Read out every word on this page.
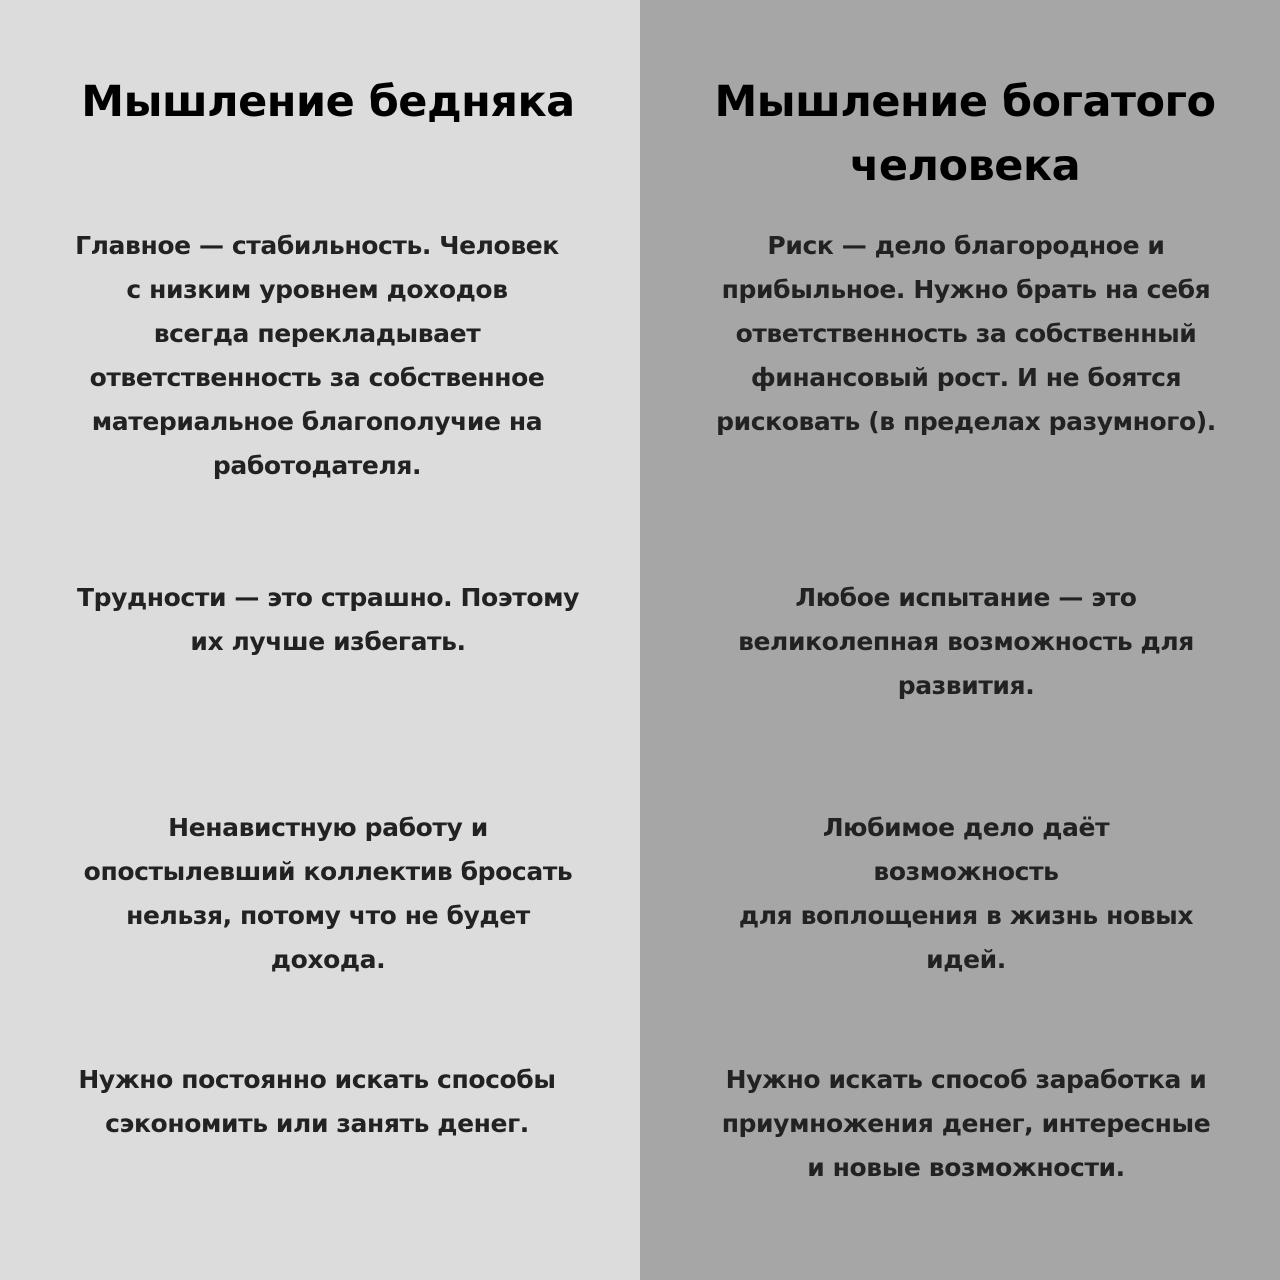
Мышление бедняка

Главное — стабильность. Человек
с низким уровнем доходов
всегда перекладывает
ответственность за собственное
материальное благополучие на
работодателя.

Трудности — это страшно. Поэтому
их лучше избегать.

Ненавистную работу и
опостылевший коллектив бросать
нельзя, потому что не будет
дохода.

Нужно постоянно искать способы
сэкономить или занять денег.

Мышление богатого
человека

Риск — дело благородное и
прибыльное. Нужно брать на себя
ответственность за собственный
финансовый рост. И не боятся
рисковать (в пределах разумного).

Любое испытание — это
великолепная возможность для
развития.

Любимое дело даёт
возможность
для воплощения в жизнь новых
идей.

Нужно искать способ заработка и
приумножения денег, интересные
и новые возможности.
